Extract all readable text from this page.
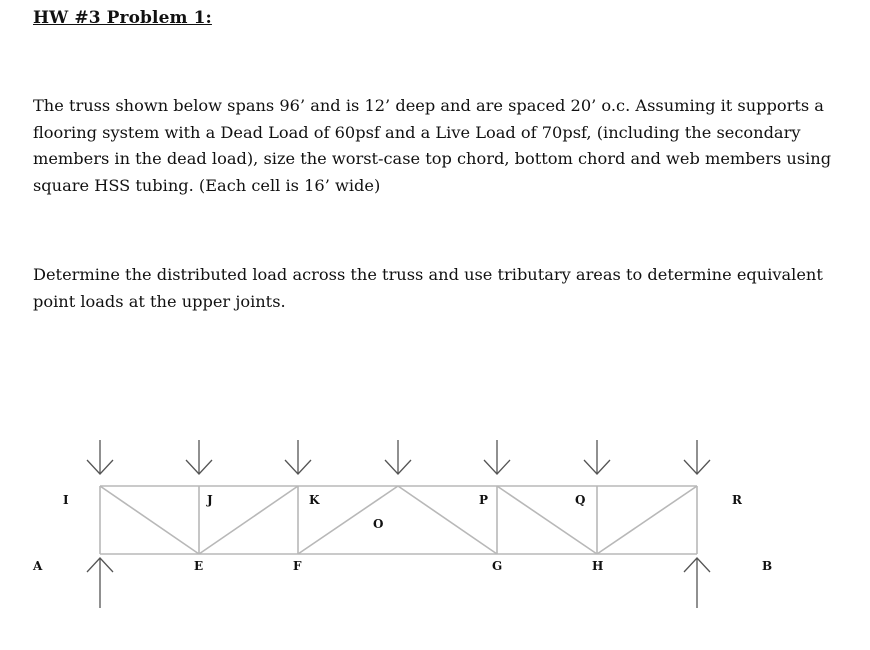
HW #3 Problem 1:

The truss shown below spans 96’ and is 12’ deep and are spaced 20’ o.c. Assuming it supports a flooring system with a Dead Load of 60psf and a Live Load of 70psf, (including the secondary members in the dead load), size the worst-case top chord, bottom chord and web members using square HSS tubing. (Each cell is 16’ wide)

Determine the distributed load across the truss and use tributary areas to determine equivalent point loads at the upper joints.

I	J	K
O
P	Q	R
A	E	F	G	H	B
